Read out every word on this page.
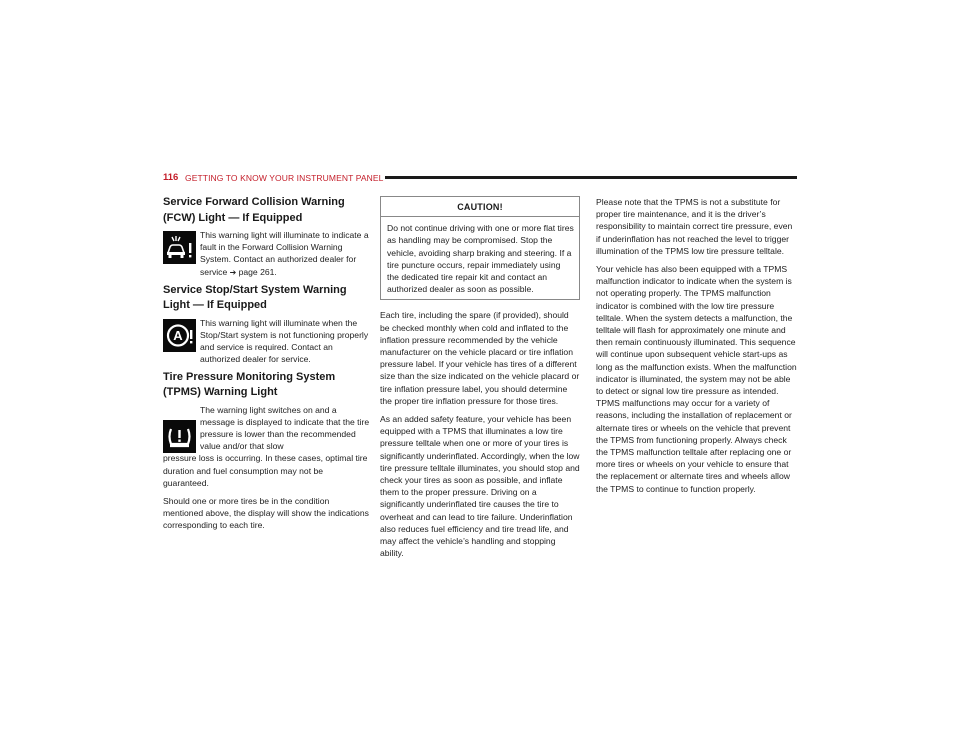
116 GETTING TO KNOW YOUR INSTRUMENT PANEL
Service Forward Collision Warning (FCW) Light — If Equipped
This warning light will illuminate to indicate a fault in the Forward Collision Warning System. Contact an authorized dealer for service ➔ page 261.
Service Stop/Start System Warning Light — If Equipped
A
This warning light will illuminate when the Stop/Start system is not functioning properly and service is required. Contact an authorized dealer for service.
Tire Pressure Monitoring System (TPMS) Warning Light
The warning light switches on and a message is displayed to indicate that the tire pressure is lower than the recommended value and/or that slow

pressure loss is occurring. In these cases, optimal tire duration and fuel consumption may not be guaranteed.

Should one or more tires be in the condition mentioned above, the display will show the indications corresponding to each tire.

CAUTION!
Do not continue driving with one or more flat tires as handling may be compromised. Stop the vehicle, avoiding sharp braking and steering. If a tire puncture occurs, repair immediately using the dedicated tire repair kit and contact an authorized dealer as soon as possible.

Each tire, including the spare (if provided), should be checked monthly when cold and inflated to the inflation pressure recommended by the vehicle manufacturer on the vehicle placard or tire inflation pressure label. If your vehicle has tires of a different size than the size indicated on the vehicle placard or tire inflation pressure label, you should determine the proper tire inflation pressure for those tires.

As an added safety feature, your vehicle has been equipped with a TPMS that illuminates a low tire pressure telltale when one or more of your tires is significantly underinflated. Accordingly, when the low tire pressure telltale illuminates, you should stop and check your tires as soon as possible, and inflate them to the proper pressure. Driving on a significantly underinflated tire causes the tire to overheat and can lead to tire failure. Underinflation also reduces fuel efficiency and tire tread life, and may affect the vehicle’s handling and stopping ability.

Please note that the TPMS is not a substitute for proper tire maintenance, and it is the driver’s responsibility to maintain correct tire pressure, even if underinflation has not reached the level to trigger illumination of the TPMS low tire pressure telltale.

Your vehicle has also been equipped with a TPMS malfunction indicator to indicate when the system is not operating properly. The TPMS malfunction indicator is combined with the low tire pressure telltale. When the system detects a malfunction, the telltale will flash for approximately one minute and then remain continuously illuminated. This sequence will continue upon subsequent vehicle start-ups as long as the malfunction exists. When the malfunction indicator is illuminated, the system may not be able to detect or signal low tire pressure as intended. TPMS malfunctions may occur for a variety of reasons, including the installation of replacement or alternate tires or wheels on the vehicle that prevent the TPMS from functioning properly. Always check the TPMS malfunction telltale after replacing one or more tires or wheels on your vehicle to ensure that the replacement or alternate tires and wheels allow the TPMS to continue to function properly.
